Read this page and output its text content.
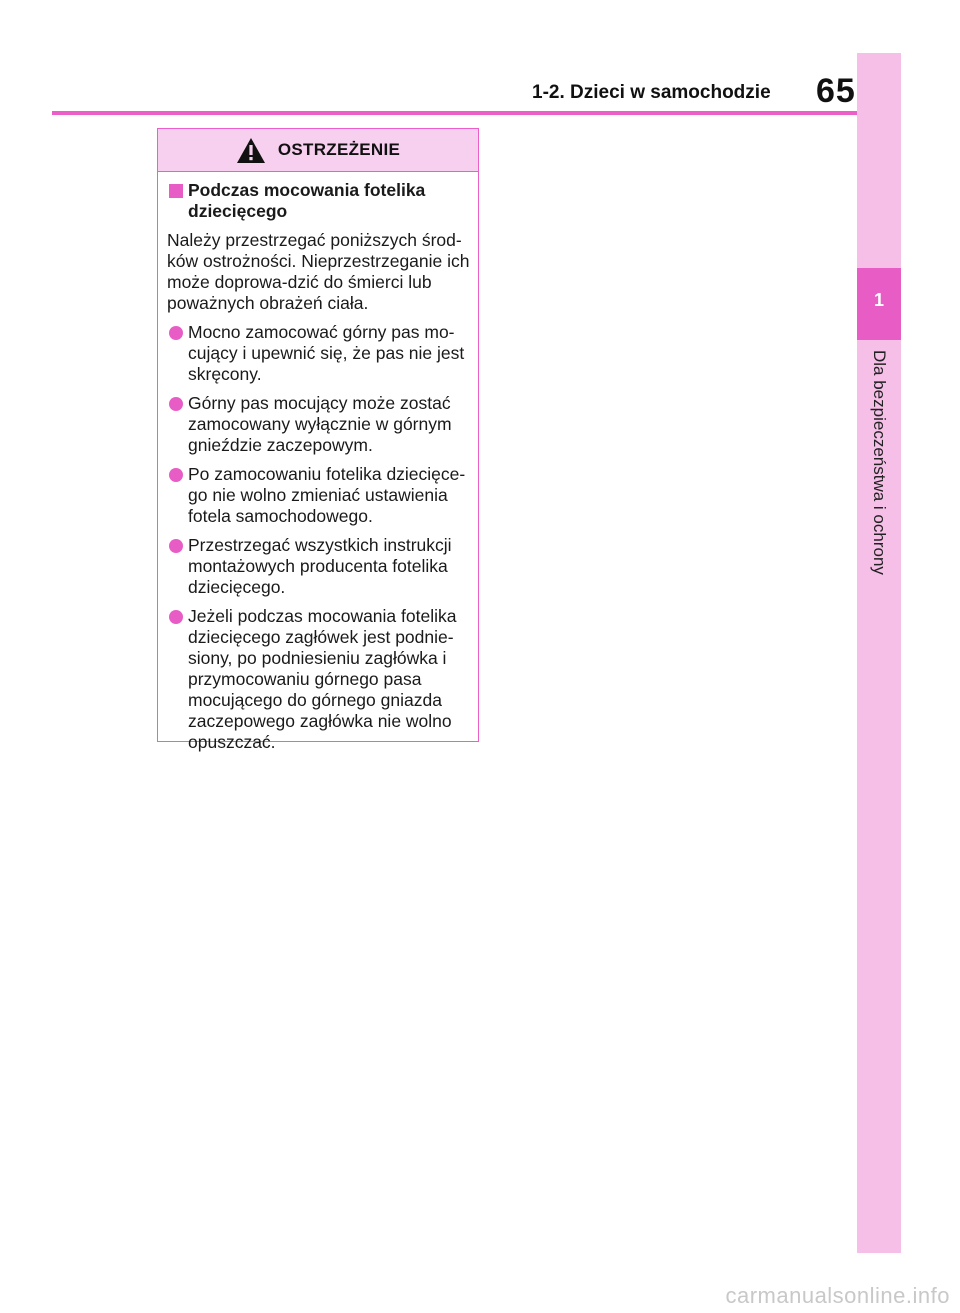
1-2. Dzieci w samochodzie 65
1
Dla bezpieczeństwa i ochrony
OSTRZEŻENIE
Podczas mocowania fotelika dziecięcego
Należy przestrzegać poniższych środ-ków ostrożności. Nieprzestrzeganie ich może doprowa-dzić do śmierci lub poważnych obrażeń ciała.
Mocno zamocować górny pas mo-cujący i upewnić się, że pas nie jest skręcony.
Górny pas mocujący może zostać zamocowany wyłącznie w górnym gnieździe zaczepowym.
Po zamocowaniu fotelika dziecięce-go nie wolno zmieniać ustawienia fotela samochodowego.
Przestrzegać wszystkich instrukcji montażowych producenta fotelika dziecięcego.
Jeżeli podczas mocowania fotelika dziecięcego zagłówek jest podnie-siony, po podniesieniu zagłówka i przymocowaniu górnego pasa mocującego do górnego gniazda zaczepowego zagłówka nie wolno opuszczać.
carmanualsonline.info
